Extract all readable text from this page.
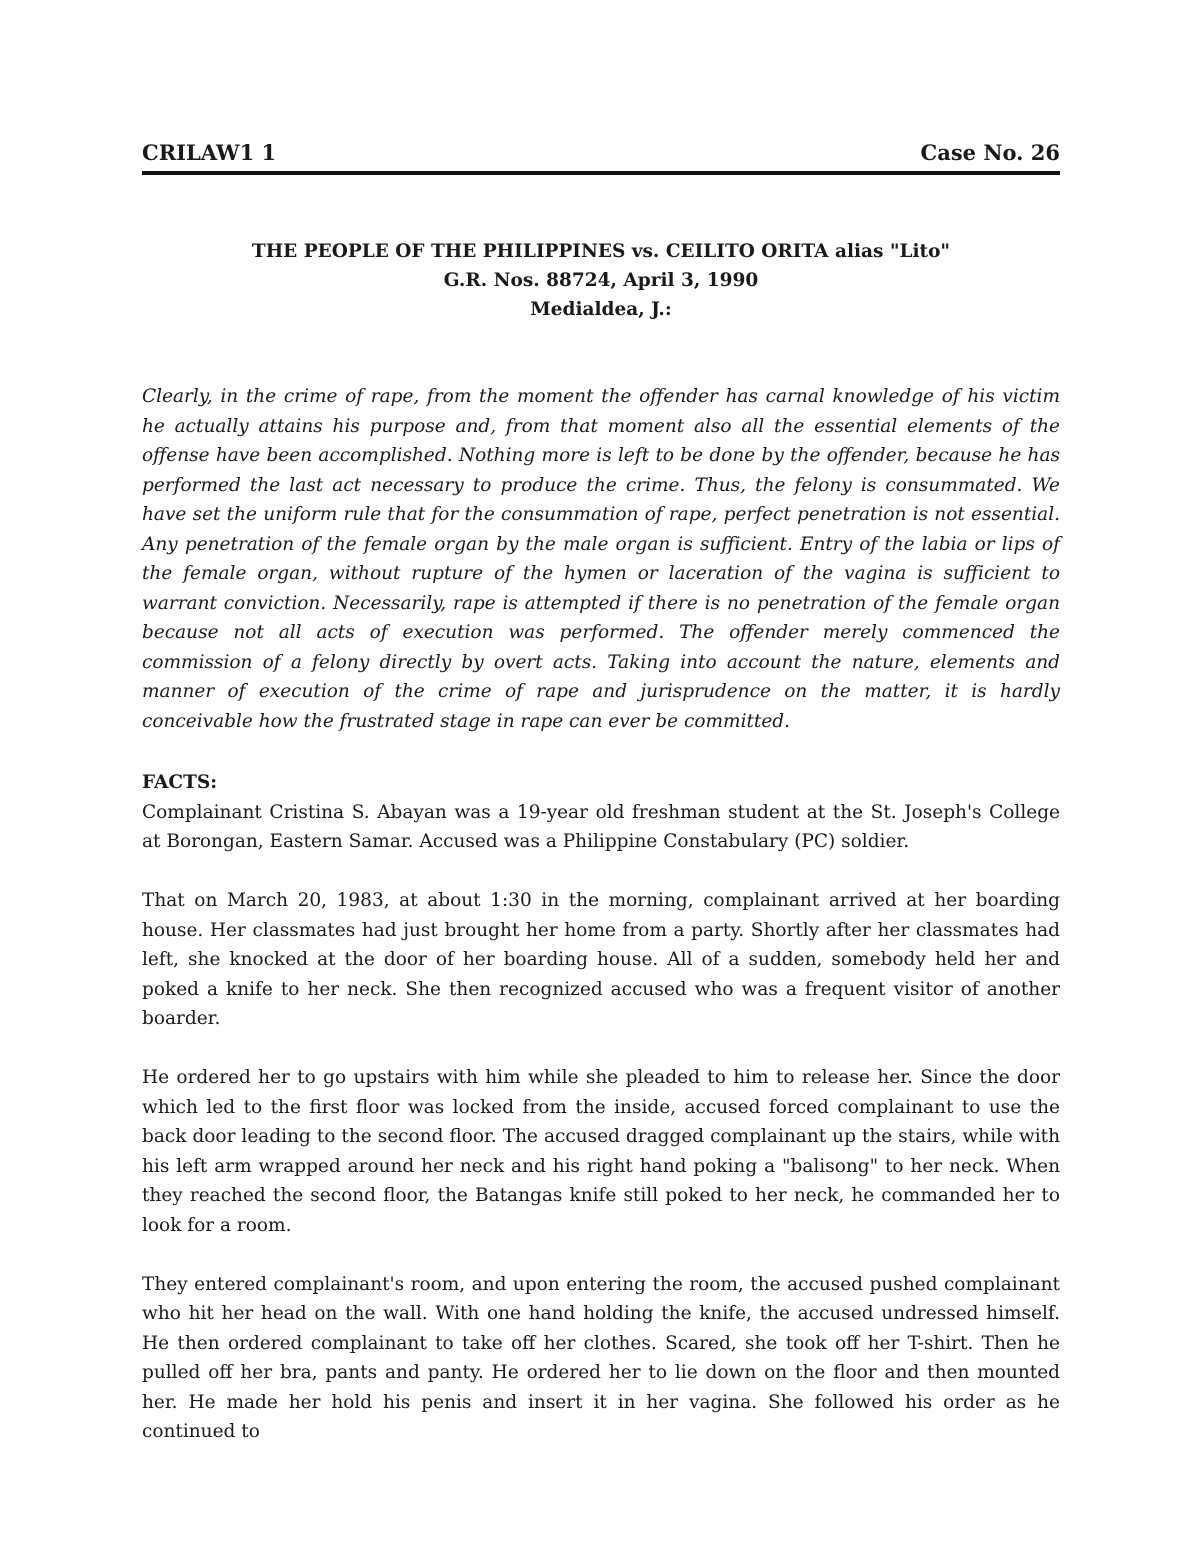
CRILAW1 1	Case No. 26
THE PEOPLE OF THE PHILIPPINES vs. CEILITO ORITA alias "Lito"
G.R. Nos. 88724, April 3, 1990
Medialdea, J.:

Clearly, in the crime of rape, from the moment the offender has carnal knowledge of his victim he actually attains his purpose and, from that moment also all the essential elements of the offense have been accomplished. Nothing more is left to be done by the offender, because he has performed the last act necessary to produce the crime. Thus, the felony is consummated. We have set the uniform rule that for the consummation of rape, perfect penetration is not essential. Any penetration of the female organ by the male organ is sufficient. Entry of the labia or lips of the female organ, without rupture of the hymen or laceration of the vagina is sufficient to warrant conviction. Necessarily, rape is attempted if there is no penetration of the female organ because not all acts of execution was performed. The offender merely commenced the commission of a felony directly by overt acts. Taking into account the nature, elements and manner of execution of the crime of rape and jurisprudence on the matter, it is hardly conceivable how the frustrated stage in rape can ever be committed.

FACTS:

Complainant Cristina S. Abayan was a 19-year old freshman student at the St. Joseph's College at Borongan, Eastern Samar. Accused was a Philippine Constabulary (PC) soldier.

That on March 20, 1983, at about 1:30 in the morning, complainant arrived at her boarding house. Her classmates had just brought her home from a party. Shortly after her classmates had left, she knocked at the door of her boarding house. All of a sudden, somebody held her and poked a knife to her neck. She then recognized accused who was a frequent visitor of another boarder.

He ordered her to go upstairs with him while she pleaded to him to release her. Since the door which led to the first floor was locked from the inside, accused forced complainant to use the back door leading to the second floor. The accused dragged complainant up the stairs, while with his left arm wrapped around her neck and his right hand poking a "balisong" to her neck. When they reached the second floor, the Batangas knife still poked to her neck, he commanded her to look for a room.

They entered complainant's room, and upon entering the room, the accused pushed complainant who hit her head on the wall. With one hand holding the knife, the accused undressed himself. He then ordered complainant to take off her clothes. Scared, she took off her T-shirt. Then he pulled off her bra, pants and panty. He ordered her to lie down on the floor and then mounted her. He made her hold his penis and insert it in her vagina. She followed his order as he continued to
